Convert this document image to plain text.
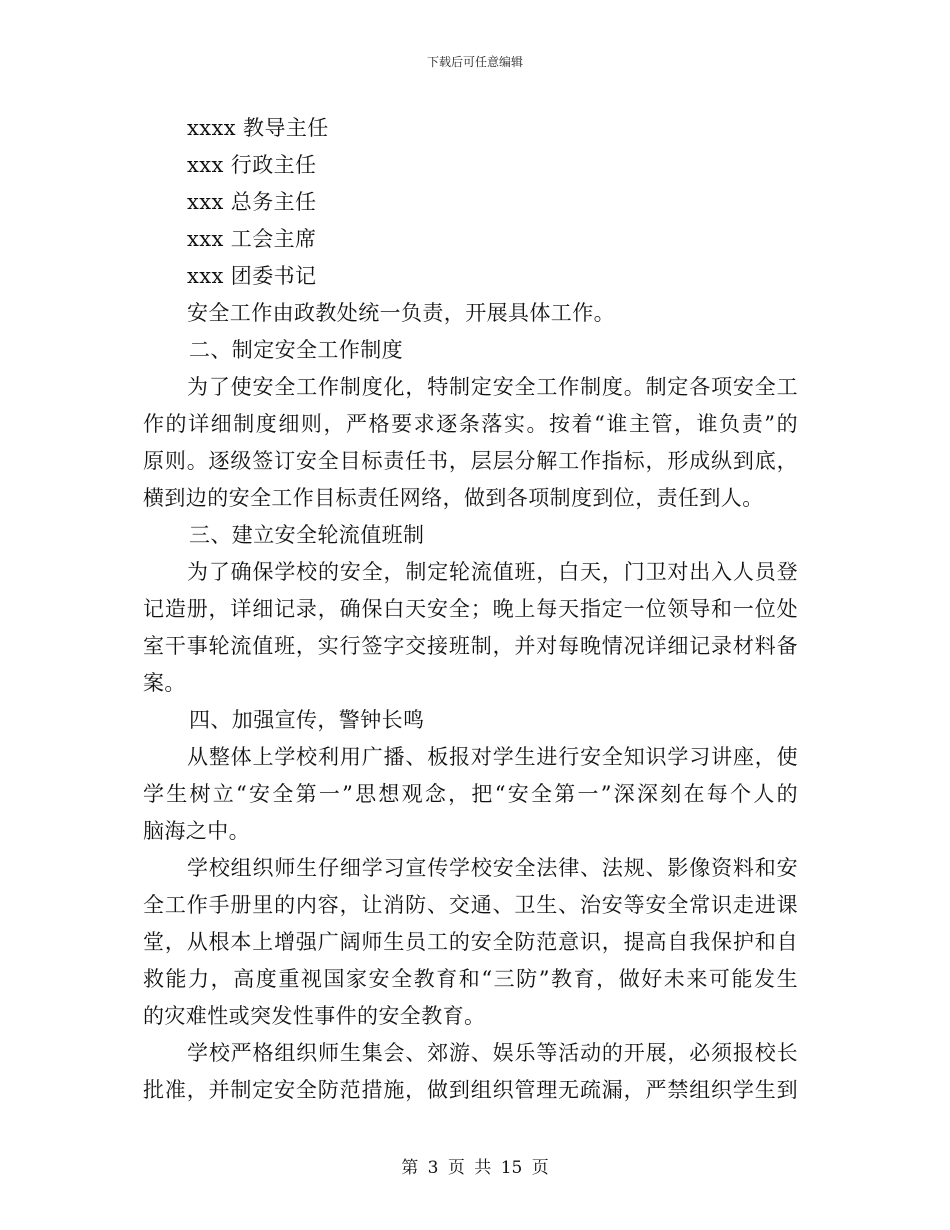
下载后可任意编辑
xxxx 教导主任
xxx 行政主任
xxx 总务主任
xxx 工会主席
xxx 团委书记
安全工作由政教处统一负责，开展具体工作。
二、制定安全工作制度
为了使安全工作制度化，特制定安全工作制度。制定各项安全工
作的详细制度细则，严格要求逐条落实。按着“谁主管，谁负责”的
原则。逐级签订安全目标责任书，层层分解工作指标，形成纵到底，
横到边的安全工作目标责任网络，做到各项制度到位，责任到人。
三、建立安全轮流值班制
为了确保学校的安全，制定轮流值班，白天，门卫对出入人员登
记造册，详细记录，确保白天安全；晚上每天指定一位领导和一位处
室干事轮流值班，实行签字交接班制，并对每晚情况详细记录材料备
案。
四、加强宣传，警钟长鸣
从整体上学校利用广播、板报对学生进行安全知识学习讲座，使
学生树立“安全第一”思想观念，把“安全第一”深深刻在每个人的
脑海之中。
学校组织师生仔细学习宣传学校安全法律、法规、影像资料和安
全工作手册里的内容，让消防、交通、卫生、治安等安全常识走进课
堂，从根本上增强广阔师生员工的安全防范意识，提高自我保护和自
救能力，高度重视国家安全教育和“三防”教育，做好未来可能发生
的灾难性或突发性事件的安全教育。
学校严格组织师生集会、郊游、娱乐等活动的开展，必须报校长
批准，并制定安全防范措施，做到组织管理无疏漏，严禁组织学生到
第 3 页 共 15 页
